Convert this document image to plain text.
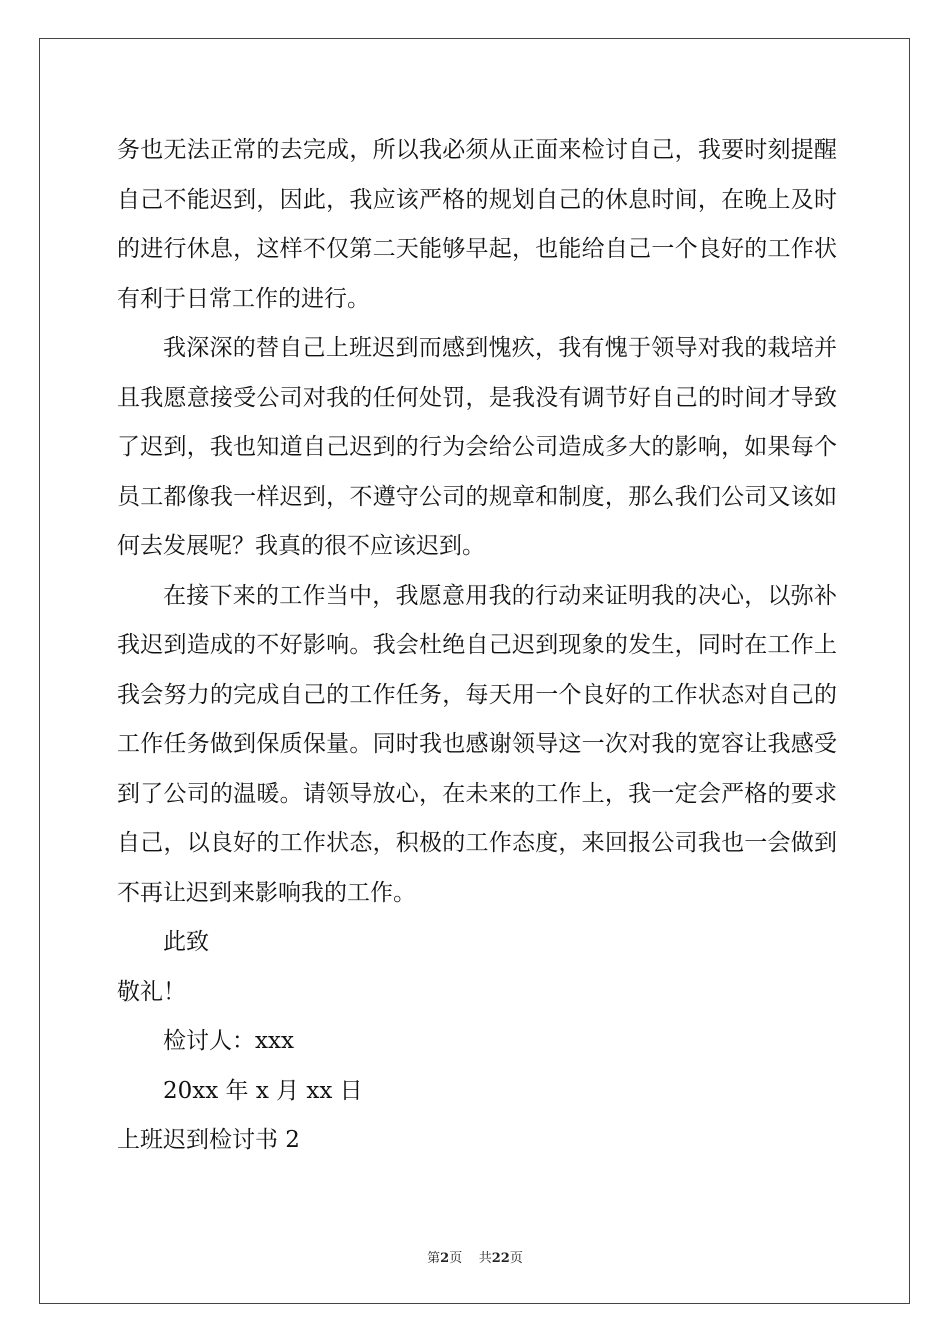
务也无法正常的去完成，所以我必须从正面来检讨自己，我要时刻提醒自己不能迟到，因此，我应该严格的规划自己的休息时间，在晚上及时的进行休息，这样不仅第二天能够早起，也能给自己一个良好的工作状有利于日常工作的进行。

我深深的替自己上班迟到而感到愧疚，我有愧于领导对我的栽培并且我愿意接受公司对我的任何处罚，是我没有调节好自己的时间才导致了迟到，我也知道自己迟到的行为会给公司造成多大的影响，如果每个员工都像我一样迟到，不遵守公司的规章和制度，那么我们公司又该如何去发展呢？我真的很不应该迟到。

在接下来的工作当中，我愿意用我的行动来证明我的决心，以弥补我迟到造成的不好影响。我会杜绝自己迟到现象的发生，同时在工作上我会努力的完成自己的工作任务，每天用一个良好的工作状态对自己的工作任务做到保质保量。同时我也感谢领导这一次对我的宽容让我感受到了公司的温暖。请领导放心，在未来的工作上，我一定会严格的要求自己，以良好的工作状态，积极的工作态度，来回报公司我也一会做到不再让迟到来影响我的工作。

此致

敬礼！

检讨人：xxx

20xx 年 x 月 xx 日

上班迟到检讨书 2

第2页 共22页
